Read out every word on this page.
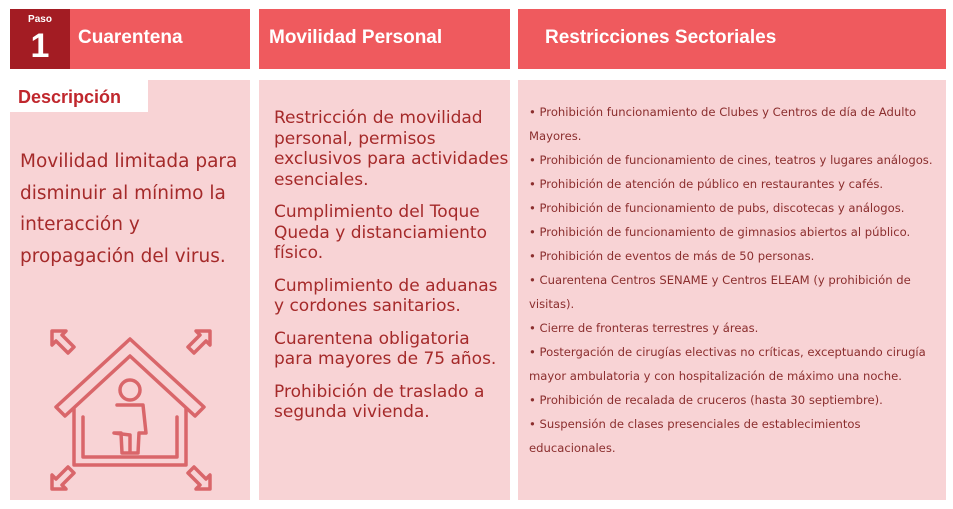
Paso
1	Cuarentena	Movilidad Personal	Restricciones Sectoriales
Descripción
Movilidad limitada para disminuir al mínimo la interacción y propagación del virus.
Restricción de movilidad personal, permisos exclusivos para actividades esenciales.
Cumplimiento del Toque Queda y distanciamiento físico.
Cumplimiento de aduanas y cordones sanitarios.
Cuarentena obligatoria para mayores de 75 años.
Prohibición de traslado a segunda vivienda.
• Prohibición funcionamiento de Clubes y Centros de día de Adulto Mayores.
• Prohibición de funcionamiento de cines, teatros y lugares análogos.
• Prohibición de atención de público en restaurantes y cafés.
• Prohibición de funcionamiento de pubs, discotecas y análogos.
• Prohibición de funcionamiento de gimnasios abiertos al público.
• Prohibición de eventos de más de 50 personas.
• Cuarentena Centros SENAME y Centros ELEAM (y prohibición de visitas).
• Cierre de fronteras terrestres y áreas.
• Postergación de cirugías electivas no críticas, exceptuando cirugía mayor ambulatoria y con hospitalización de máximo una noche.
• Prohibición de recalada de cruceros (hasta 30 septiembre).
• Suspensión de clases presenciales de establecimientos educacionales.
